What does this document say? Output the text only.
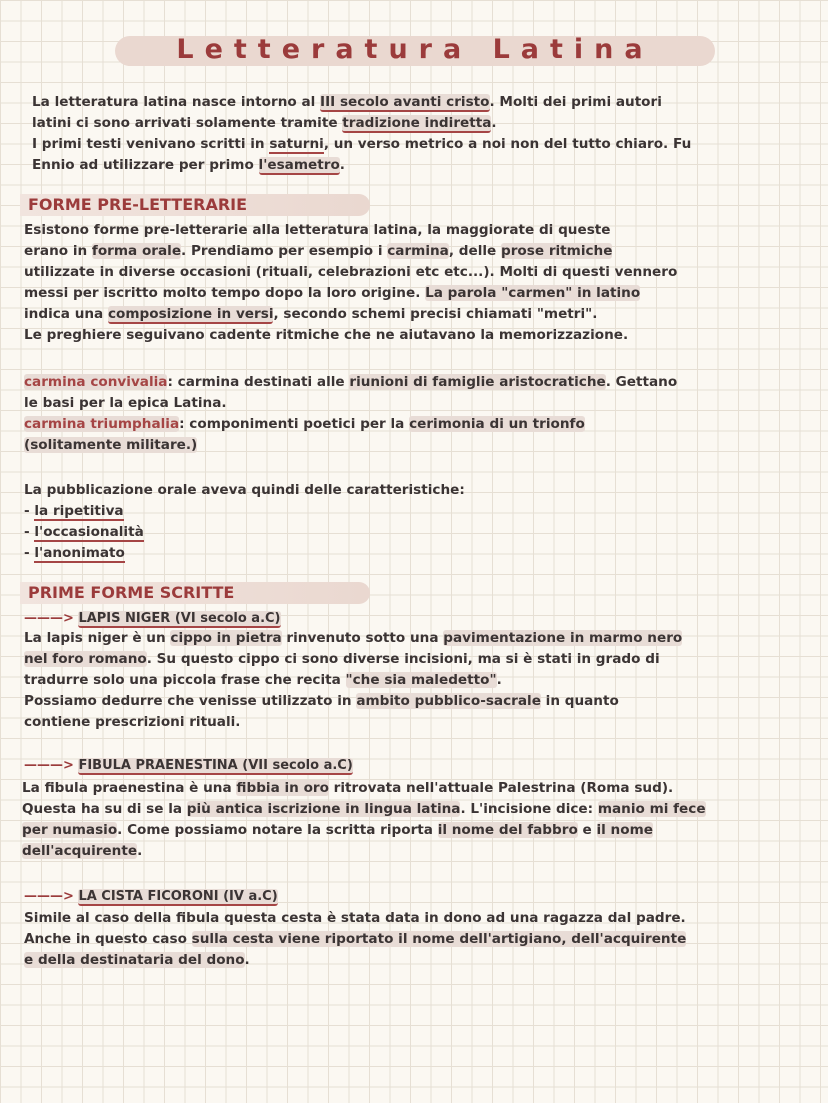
Letteratura Latina
La letteratura latina nasce intorno al III secolo avanti cristo. Molti dei primi autori
latini ci sono arrivati solamente tramite tradizione indiretta.
I primi testi venivano scritti in saturni, un verso metrico a noi non del tutto chiaro. Fu
Ennio ad utilizzare per primo l'esametro.
FORME PRE-LETTERARIE
Esistono forme pre-letterarie alla letteratura latina, la maggiorate di queste
erano in forma orale. Prendiamo per esempio i carmina, delle prose ritmiche
utilizzate in diverse occasioni (rituali, celebrazioni etc etc...). Molti di questi vennero
messi per iscritto molto tempo dopo la loro origine. La parola "carmen" in latino
indica una composizione in versi, secondo schemi precisi chiamati "metri".
Le preghiere seguivano cadente ritmiche che ne aiutavano la memorizzazione.
carmina convivalia: carmina destinati alle riunioni di famiglie aristocratiche. Gettano
le basi per la epica Latina.
carmina triumphalia: componimenti poetici per la cerimonia di un trionfo
(solitamente militare.)
La pubblicazione orale aveva quindi delle caratteristiche:
- la ripetitiva
- l'occasionalità
- l'anonimato
PRIME FORME SCRITTE
———> LAPIS NIGER (VI secolo a.C)
La lapis niger è un cippo in pietra rinvenuto sotto una pavimentazione in marmo nero
nel foro romano. Su questo cippo ci sono diverse incisioni, ma si è stati in grado di
tradurre solo una piccola frase che recita "che sia maledetto".
Possiamo dedurre che venisse utilizzato in ambito pubblico-sacrale in quanto
contiene prescrizioni rituali.
———> FIBULA PRAENESTINA (VII secolo a.C)
La fibula praenestina è una fibbia in oro ritrovata nell'attuale Palestrina (Roma sud).
Questa ha su di se la più antica iscrizione in lingua latina. L'incisione dice: manio mi fece
per numasio. Come possiamo notare la scritta riporta il nome del fabbro e il nome
dell'acquirente.
———> LA CISTA FICORONI (IV a.C)
Simile al caso della fibula questa cesta è stata data in dono ad una ragazza dal padre.
Anche in questo caso sulla cesta viene riportato il nome dell'artigiano, dell'acquirente
e della destinataria del dono.
